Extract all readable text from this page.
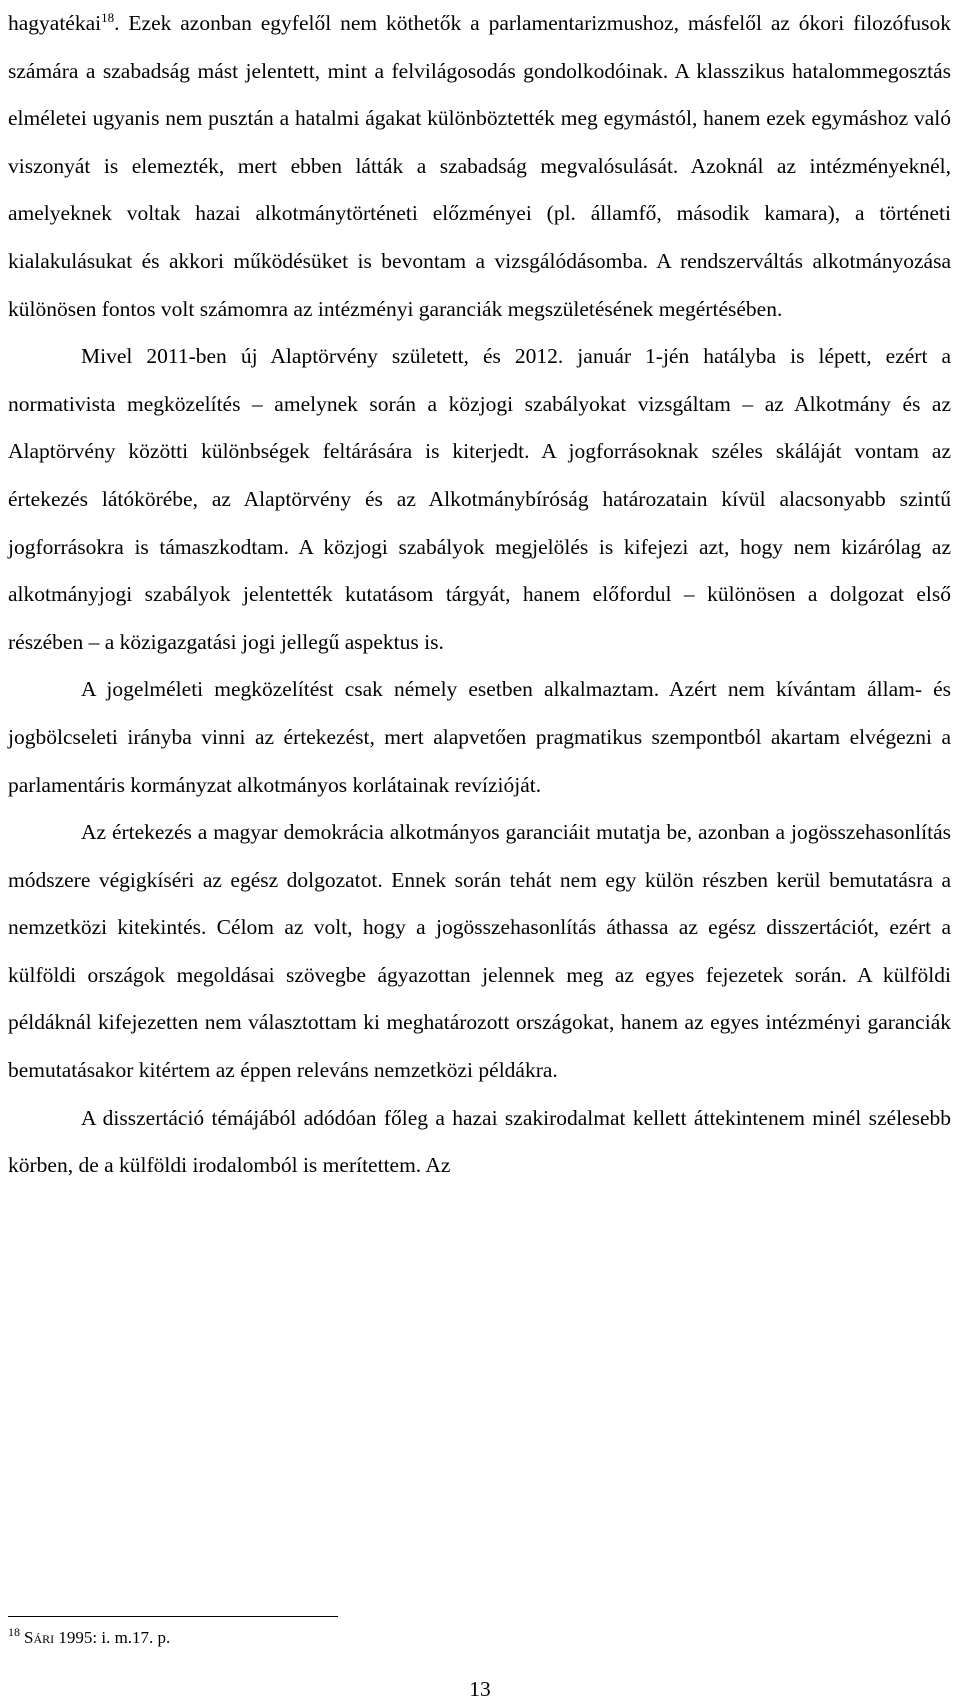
hagyatékai$^{18}$. Ezek azonban egyfelől nem köthetők a parlamentarizmushoz, másfelől az ókori filozófusok számára a szabadság mást jelentett, mint a felvilágosodás gondolkodóinak. A klasszikus hatalommegosztás elméletei ugyanis nem pusztán a hatalmi ágakat különböztették meg egymástól, hanem ezek egymáshoz való viszonyát is elemezték, mert ebben látták a szabadság megvalósulását. Azoknál az intézményeknél, amelyeknek voltak hazai alkotmánytörténeti előzményei (pl. államfő, második kamara), a történeti kialakulásukat és akkori működésüket is bevontam a vizsgálódásomba. A rendszerváltás alkotmányozása különösen fontos volt számomra az intézményi garanciák megszületésének megértésében.

Mivel 2011-ben új Alaptörvény született, és 2012. január 1-jén hatályba is lépett, ezért a normativista megközelítés – amelynek során a közjogi szabályokat vizsgáltam – az Alkotmány és az Alaptörvény közötti különbségek feltárására is kiterjedt. A jogforrásoknak széles skáláját vontam az értekezés látókörébe, az Alaptörvény és az Alkotmánybíróság határozatain kívül alacsonyabb szintű jogforrásokra is támaszkodtam. A közjogi szabályok megjelölés is kifejezi azt, hogy nem kizárólag az alkotmányjogi szabályok jelentették kutatásom tárgyát, hanem előfordul – különösen a dolgozat első részében – a közigazgatási jogi jellegű aspektus is.

A jogelméleti megközelítést csak némely esetben alkalmaztam. Azért nem kívántam állam- és jogbölcseleti irányba vinni az értekezést, mert alapvetően pragmatikus szempontból akartam elvégezni a parlamentáris kormányzat alkotmányos korlátainak revízióját.

Az értekezés a magyar demokrácia alkotmányos garanciáit mutatja be, azonban a jogösszehasonlítás módszere végigkíséri az egész dolgozatot. Ennek során tehát nem egy külön részben kerül bemutatásra a nemzetközi kitekintés. Célom az volt, hogy a jogösszehasonlítás áthassa az egész disszertációt, ezért a külföldi országok megoldásai szövegbe ágyazottan jelennek meg az egyes fejezetek során. A külföldi példáknál kifejezetten nem választottam ki meghatározott országokat, hanem az egyes intézményi garanciák bemutatásakor kitértem az éppen releváns nemzetközi példákra.

A disszertáció témájából adódóan főleg a hazai szakirodalmat kellett áttekintenem minél szélesebb körben, de a külföldi irodalomból is merítettem. Az

$^{18}$ Sári 1995: i. m.17. p.
13
